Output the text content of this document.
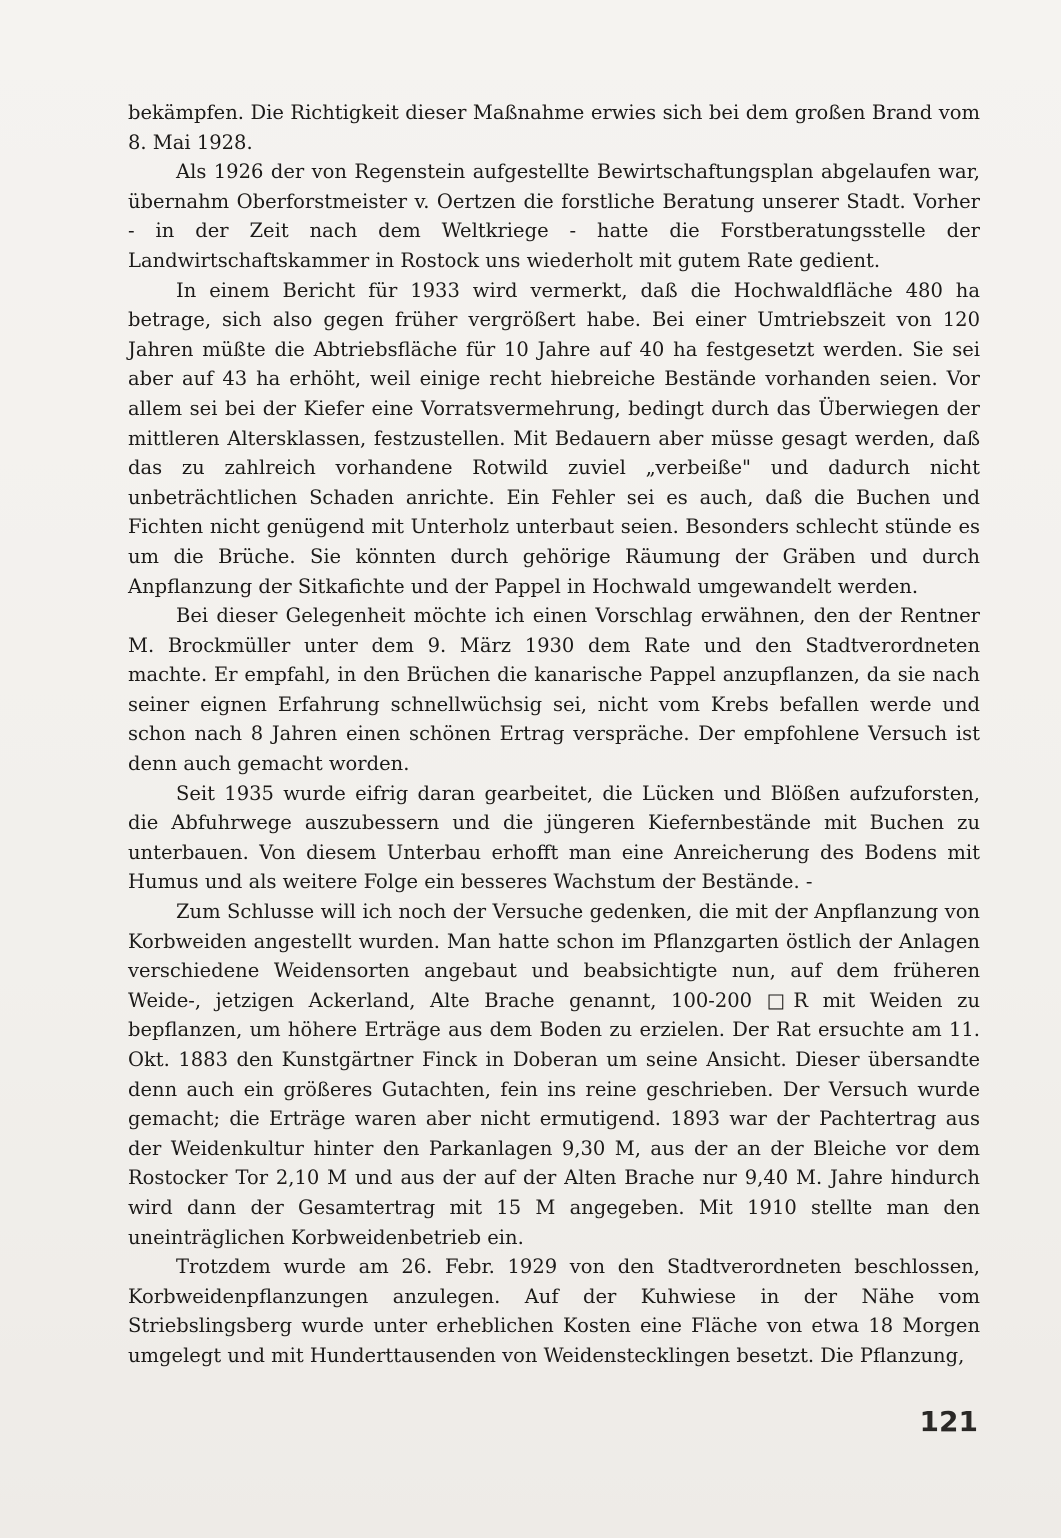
bekämpfen. Die Richtigkeit dieser Maßnahme erwies sich bei dem großen Brand vom 8. Mai 1928.

Als 1926 der von Regenstein aufgestellte Bewirtschaftungsplan abgelaufen war, übernahm Oberforstmeister v. Oertzen die forstliche Beratung unserer Stadt. Vorher - in der Zeit nach dem Weltkriege - hatte die Forstberatungsstelle der Landwirtschaftskammer in Rostock uns wiederholt mit gutem Rate gedient.

In einem Bericht für 1933 wird vermerkt, daß die Hochwaldfläche 480 ha betrage, sich also gegen früher vergrößert habe. Bei einer Umtriebszeit von 120 Jahren müßte die Abtriebsfläche für 10 Jahre auf 40 ha festgesetzt werden. Sie sei aber auf 43 ha erhöht, weil einige recht hiebreiche Bestände vorhanden seien. Vor allem sei bei der Kiefer eine Vorratsvermehrung, bedingt durch das Überwiegen der mittleren Altersklassen, festzustellen. Mit Bedauern aber müsse gesagt werden, daß das zu zahlreich vorhandene Rotwild zuviel „verbeiße" und dadurch nicht unbeträchtlichen Schaden anrichte. Ein Fehler sei es auch, daß die Buchen und Fichten nicht genügend mit Unterholz unterbaut seien. Besonders schlecht stünde es um die Brüche. Sie könnten durch gehörige Räumung der Gräben und durch Anpflanzung der Sitkafichte und der Pappel in Hochwald umgewandelt werden.

Bei dieser Gelegenheit möchte ich einen Vorschlag erwähnen, den der Rentner M. Brockmüller unter dem 9. März 1930 dem Rate und den Stadtverordneten machte. Er empfahl, in den Brüchen die kanarische Pappel anzupflanzen, da sie nach seiner eignen Erfahrung schnellwüchsig sei, nicht vom Krebs befallen werde und schon nach 8 Jahren einen schönen Ertrag verspräche. Der empfohlene Versuch ist denn auch gemacht worden.

Seit 1935 wurde eifrig daran gearbeitet, die Lücken und Blößen aufzuforsten, die Abfuhrwege auszubessern und die jüngeren Kiefernbestände mit Buchen zu unterbauen. Von diesem Unterbau erhofft man eine Anreicherung des Bodens mit Humus und als weitere Folge ein besseres Wachstum der Bestände. -

Zum Schlusse will ich noch der Versuche gedenken, die mit der Anpflanzung von Korbweiden angestellt wurden. Man hatte schon im Pflanzgarten östlich der Anlagen verschiedene Weidensorten angebaut und beabsichtigte nun, auf dem früheren Weide-, jetzigen Ackerland, Alte Brache genannt, 100-200 □R mit Weiden zu bepflanzen, um höhere Erträge aus dem Boden zu erzielen. Der Rat ersuchte am 11. Okt. 1883 den Kunstgärtner Finck in Doberan um seine Ansicht. Dieser übersandte denn auch ein größeres Gutachten, fein ins reine geschrieben. Der Versuch wurde gemacht; die Erträge waren aber nicht ermutigend. 1893 war der Pachtertrag aus der Weidenkultur hinter den Parkanlagen 9,30 M, aus der an der Bleiche vor dem Rostocker Tor 2,10 M und aus der auf der Alten Brache nur 9,40 M. Jahre hindurch wird dann der Gesamtertrag mit 15 M angegeben. Mit 1910 stellte man den uneinträglichen Korbweidenbetrieb ein.

Trotzdem wurde am 26. Febr. 1929 von den Stadtverordneten beschlossen, Korbweidenpflanzungen anzulegen. Auf der Kuhwiese in der Nähe vom Striebslingsberg wurde unter erheblichen Kosten eine Fläche von etwa 18 Morgen umgelegt und mit Hunderttausenden von Weidenstecklingen besetzt. Die Pflanzung,

121
